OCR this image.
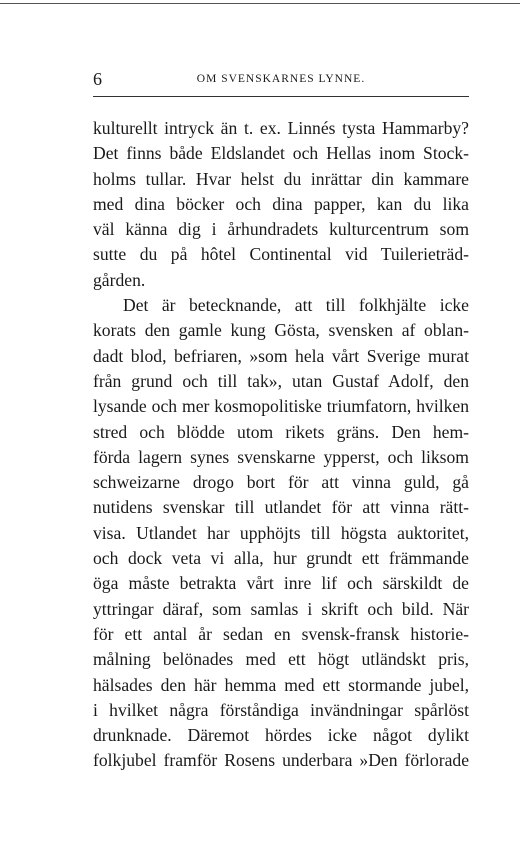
6	OM SVENSKARNES LYNNE.
kulturellt intryck än t. ex. Linnés tysta Hammarby?
Det finns både Eldslandet och Hellas inom Stock-
holms tullar. Hvar helst du inrättar din kammare
med dina böcker och dina papper, kan du lika
väl känna dig i århundradets kulturcentrum som
sutte du på hôtel Continental vid Tuilerieträd-
gården.
Det är betecknande, att till folkhjälte icke
korats den gamle kung Gösta, svensken af oblan-
dadt blod, befriaren, »som hela vårt Sverige murat
från grund och till tak», utan Gustaf Adolf, den
lysande och mer kosmopolitiske triumfatorn, hvilken
stred och blödde utom rikets gräns. Den hem-
förda lagern synes svenskarne ypperst, och liksom
schweizarne drogo bort för att vinna guld, gå
nutidens svenskar till utlandet för att vinna rätt-
visa. Utlandet har upphöjts till högsta auktoritet,
och dock veta vi alla, hur grundt ett främmande
öga måste betrakta vårt inre lif och särskildt de
yttringar däraf, som samlas i skrift och bild. När
för ett antal år sedan en svensk-fransk historie-
målning belönades med ett högt utländskt pris,
hälsades den här hemma med ett stormande jubel,
i hvilket några förståndiga invändningar spårlöst
drunknade. Däremot hördes icke något dylikt
folkjubel framför Rosens underbara »Den förlorade
